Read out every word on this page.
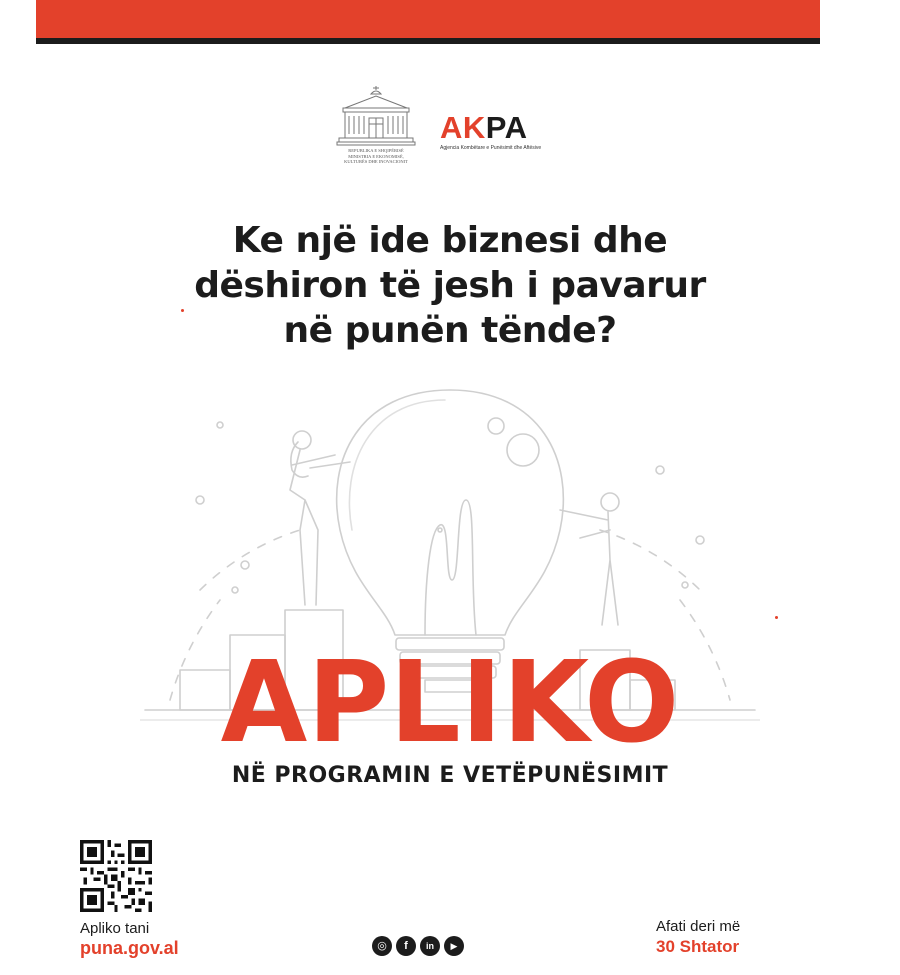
REPUBLIKA E SHQIPËRISË
MINISTRIA E EKONOMISË,
KULTURËS DHE INOVACIONIT
AKPA
Agjencia Kombëtare e Punësimit dhe Aftësive
Ke një ide biznesi dhe
dëshiron të jesh i pavarur
në punën tënde?
APLIKO
NË PROGRAMIN E VETËPUNËSIMIT
Apliko tani
puna.gov.al	◎	f	in	▶
Afati deri më
30 Shtator
